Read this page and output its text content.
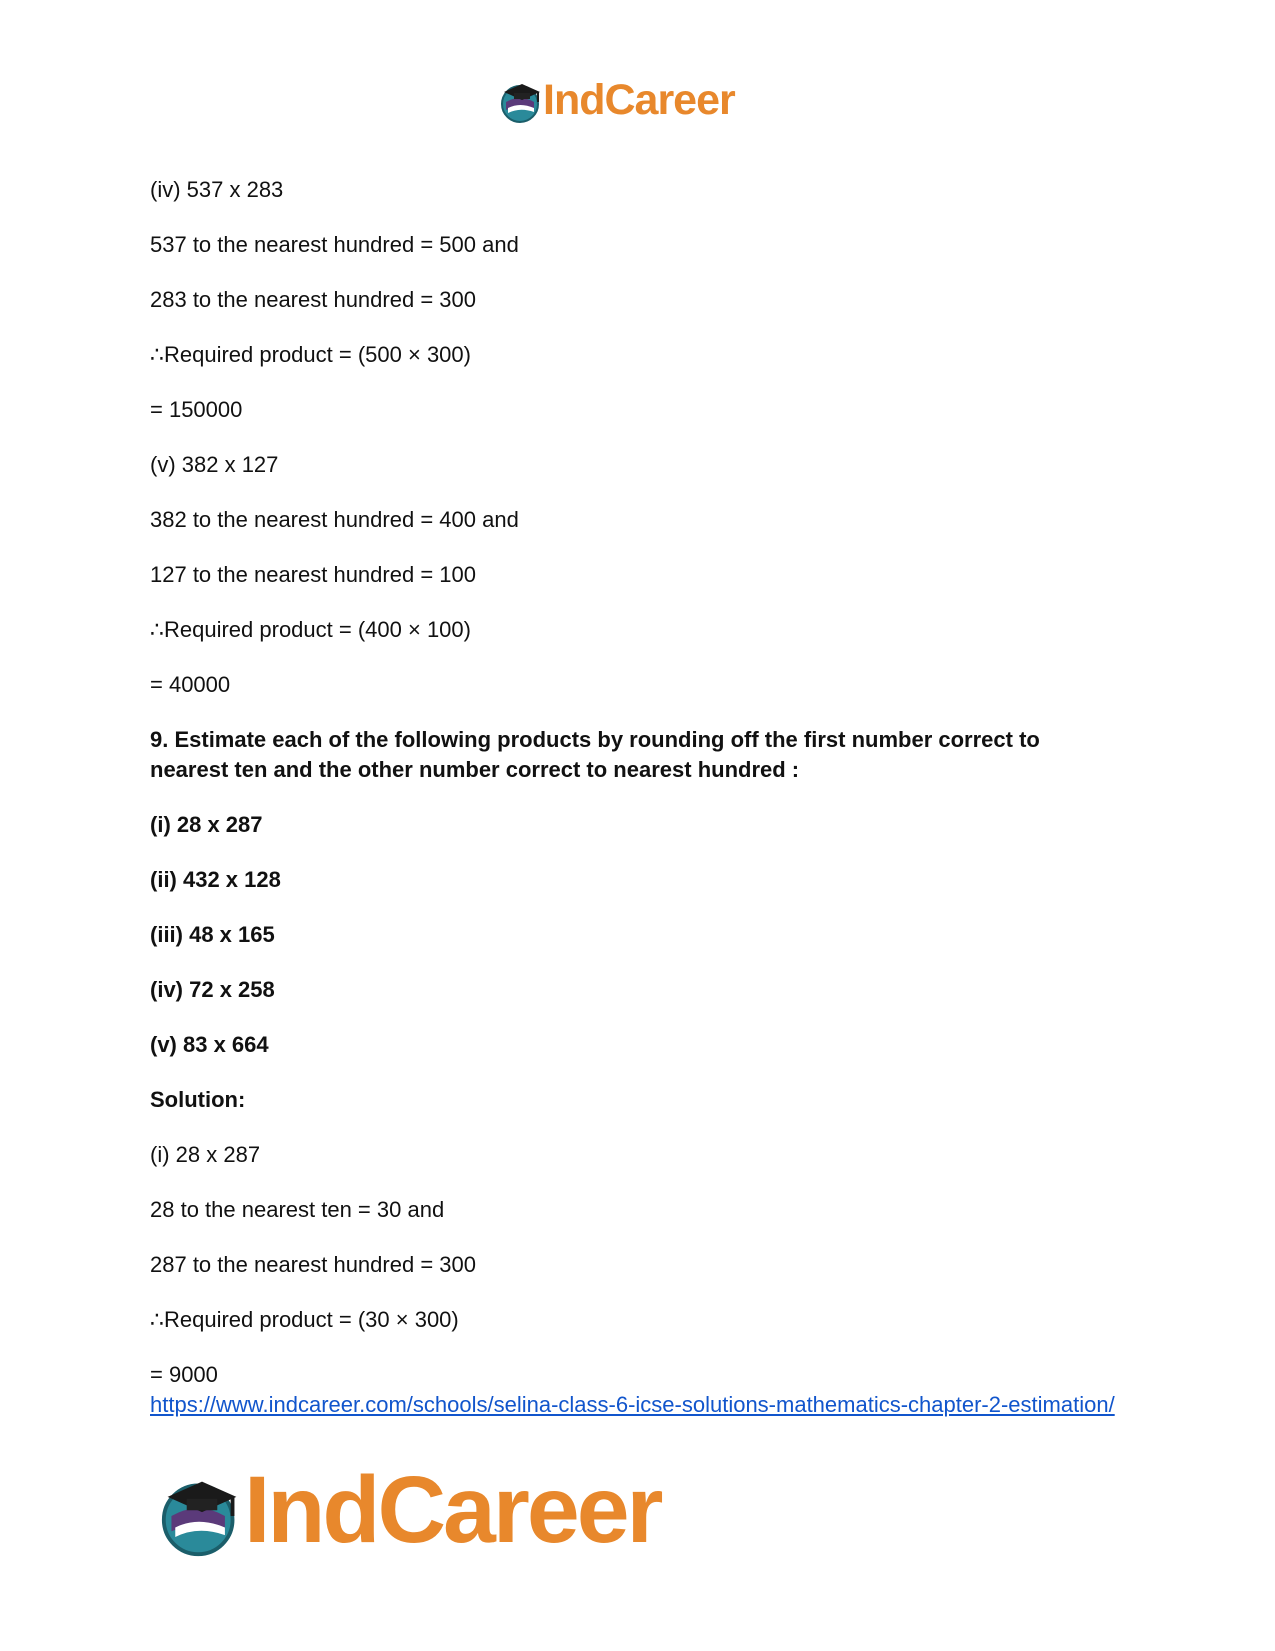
IndCareer
(iv) 537 x 283
537 to the nearest hundred = 500 and
283 to the nearest hundred = 300
∴Required product = (500 × 300)
= 150000
(v) 382 x 127
382 to the nearest hundred = 400 and
127 to the nearest hundred = 100
∴Required product = (400 × 100)
= 40000
9. Estimate each of the following products by rounding off the first number correct to nearest ten and the other number correct to nearest hundred :
(i) 28 x 287
(ii) 432 x 128
(iii) 48 x 165
(iv) 72 x 258
(v) 83 x 664
Solution:
(i) 28 x 287
28 to the nearest ten = 30 and
287 to the nearest hundred = 300
∴Required product = (30 × 300)
= 9000
https://www.indcareer.com/schools/selina-class-6-icse-solutions-mathematics-chapter-2-estimation/
IndCareer
